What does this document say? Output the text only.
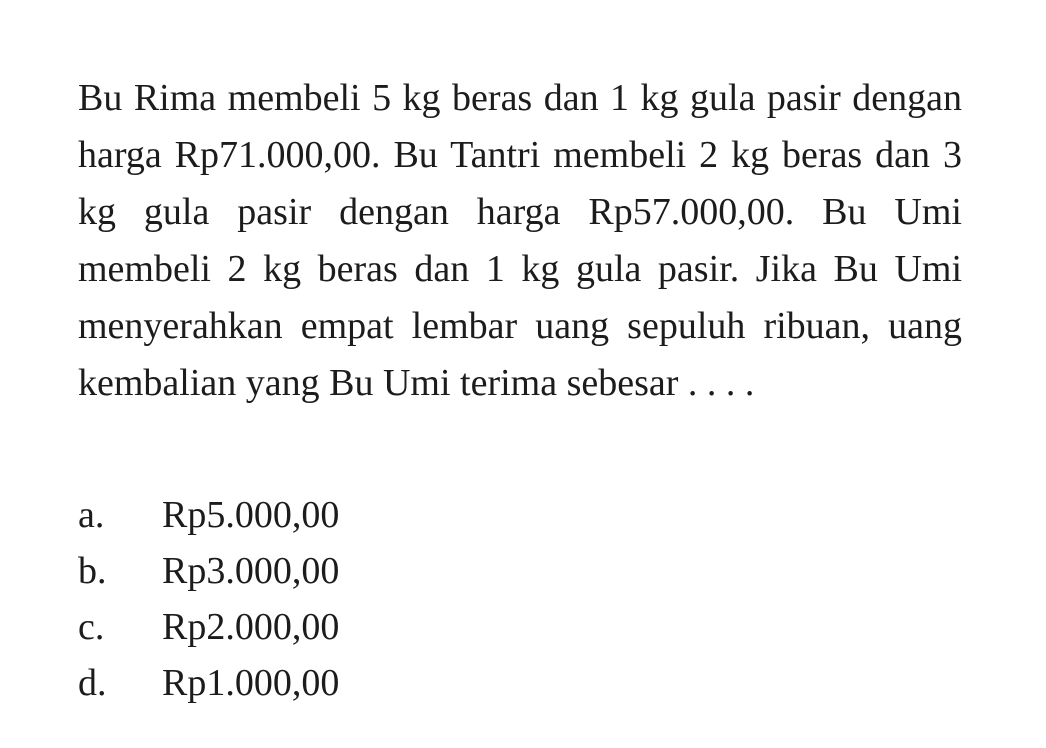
Bu Rima membeli 5 kg beras dan 1 kg gula pasir dengan harga Rp71.000,00. Bu Tantri membeli 2 kg beras dan 3 kg gula pasir dengan harga Rp57.000,00. Bu Umi membeli 2 kg beras dan 1 kg gula pasir. Jika Bu Umi menyerahkan empat lembar uang sepuluh ribuan, uang kembalian yang Bu Umi terima sebesar . . . .

a.	Rp5.000,00
b.	Rp3.000,00
c.	Rp2.000,00
d.	Rp1.000,00
